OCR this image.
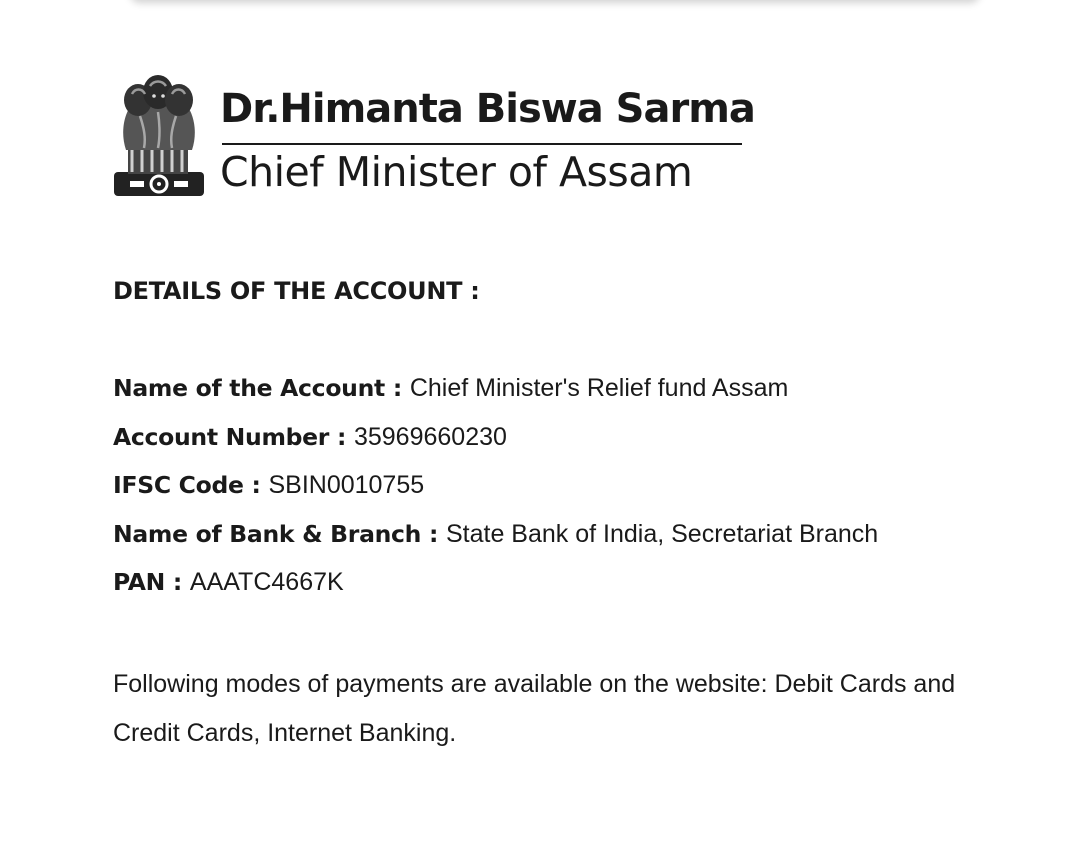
Dr.Himanta Biswa Sarma
Chief Minister of Assam
DETAILS OF THE ACCOUNT :
Name of the Account : Chief Minister's Relief fund Assam
Account Number : 35969660230
IFSC Code : SBIN0010755
Name of Bank & Branch : State Bank of India, Secretariat Branch
PAN : AAATC4667K
Following modes of payments are available on the website: Debit Cards and Credit Cards, Internet Banking.
